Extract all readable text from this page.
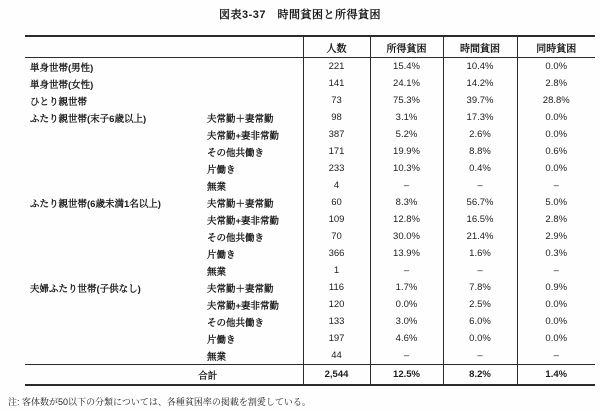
図表3-37　時間貧困と所得貧困
		人数	所得貧困	時間貧困	同時貧困
単身世帯(男性)		221	15.4%	10.4%	0.0%
単身世帯(女性)		141	24.1%	14.2%	2.8%
ひとり親世帯		73	75.3%	39.7%	28.8%
ふたり親世帯(末子6歳以上)	夫常勤＋妻常勤	98	3.1%	17.3%	0.0%
	夫常勤+妻非常勤	387	5.2%	2.6%	0.0%
	その他共働き	171	19.9%	8.8%	0.6%
	片働き	233	10.3%	0.4%	0.0%
	無業	4	–	–	–
ふたり親世帯(6歳未満1名以上)	夫常勤＋妻常勤	60	8.3%	56.7%	5.0%
	夫常勤+妻非常勤	109	12.8%	16.5%	2.8%
	その他共働き	70	30.0%	21.4%	2.9%
	片働き	366	13.9%	1.6%	0.3%
	無業	1	–	–	–
夫婦ふたり世帯(子供なし)	夫常勤＋妻常勤	116	1.7%	7.8%	0.9%
	夫常勤+妻非常勤	120	0.0%	2.5%	0.0%
	その他共働き	133	3.0%	6.0%	0.0%
	片働き	197	4.6%	0.0%	0.0%
	無業	44	–	–	–
合計		2,544	12.5%	8.2%	1.4%
注: 客体数が50以下の分類については、各種貧困率の掲載を割愛している。
